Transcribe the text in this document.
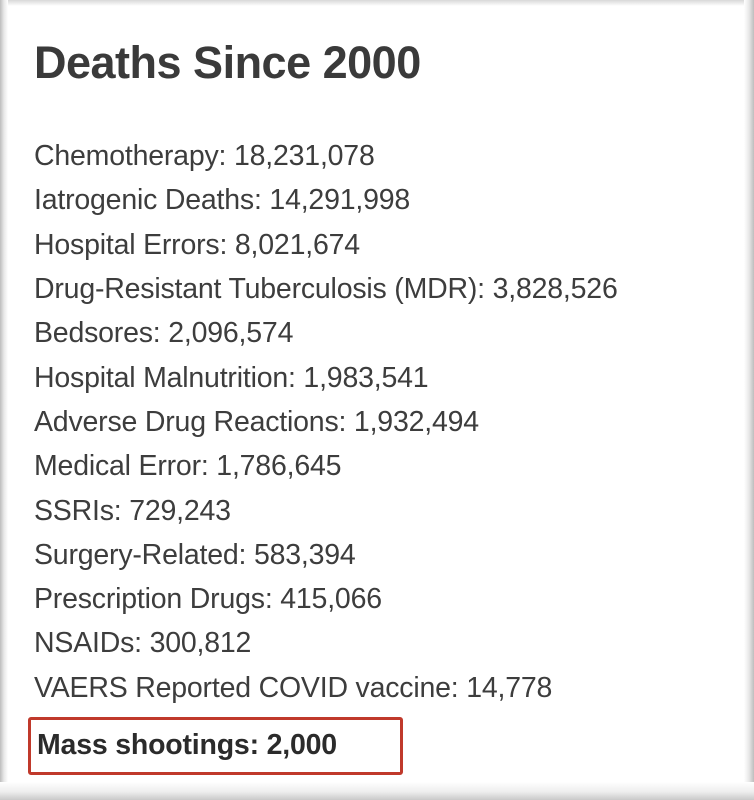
Deaths Since 2000
Chemotherapy: 18,231,078
Iatrogenic Deaths: 14,291,998
Hospital Errors: 8,021,674
Drug-Resistant Tuberculosis (MDR): 3,828,526
Bedsores: 2,096,574
Hospital Malnutrition: 1,983,541
Adverse Drug Reactions: 1,932,494
Medical Error: 1,786,645
SSRIs: 729,243
Surgery-Related: 583,394
Prescription Drugs: 415,066
NSAIDs: 300,812
VAERS Reported COVID vaccine: 14,778
Mass shootings: 2,000
